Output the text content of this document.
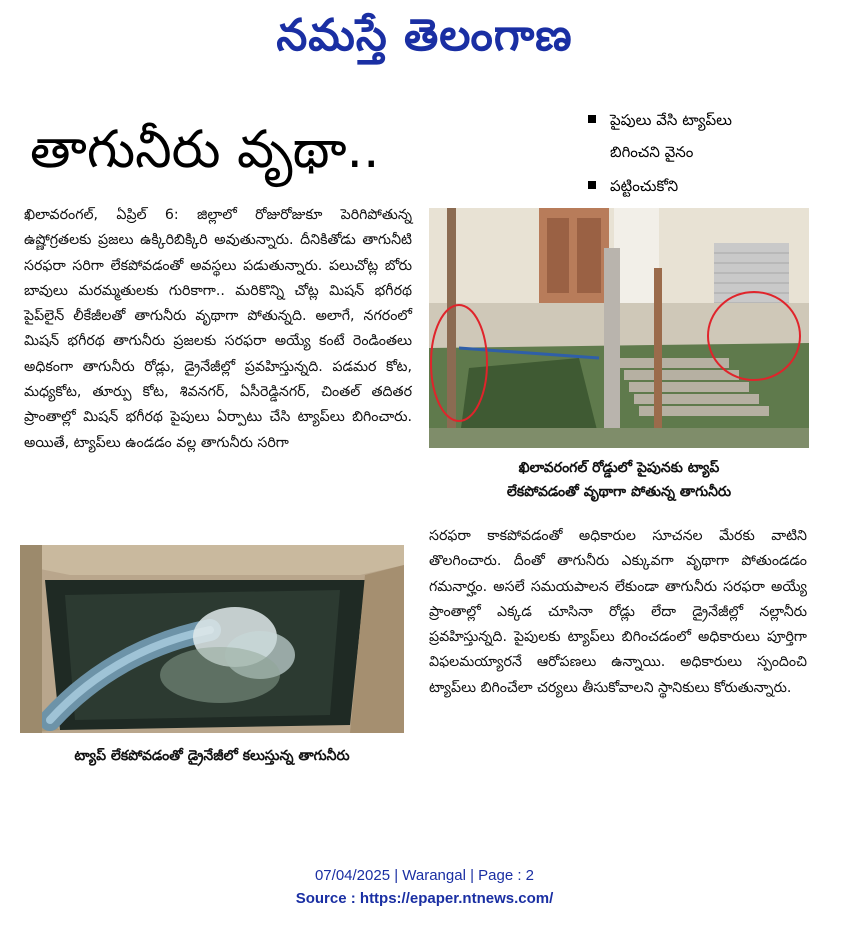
నమస్తే తెలంగాణ
తాగునీరు వృథా..	పైపులు వేసి ట్యాప్‌లు
బిగించని వైనం
పట్టించుకోని

ఖిలావరంగల్‌, ఏప్రిల్‌ 6: జిల్లాలో రోజురోజుకూ పెరిగిపోతున్న ఉష్ణోగ్రతలకు ప్రజలు ఉక్కిరిబిక్కిరి అవుతున్నారు. దీనికితోడు తాగునీటి సరఫరా సరిగా లేకపోవడంతో అవస్థలు పడుతున్నారు. పలుచోట్ల బోరు బావులు మరమ్మతులకు గురికాగా.. మరికొన్ని చోట్ల మిషన్‌ భగీరథ పైప్‌లైన్‌ లీకేజీలతో తాగునీరు వృథాగా పోతున్నది. అలాగే, నగరంలో మిషన్‌ భగీరథ తాగునీరు ప్రజలకు సరఫరా అయ్యే కంటే రెండింతలు అధికంగా తాగునీరు రోడ్లు, డ్రైనేజీల్లో ప్రవహిస్తున్నది. పడమర కోట, మధ్యకోట, తూర్పు కోట, శివనగర్‌, ఏసీరెడ్డినగర్‌, చింతల్‌ తదితర ప్రాంతాల్లో మిషన్‌ భగీరథ పైపులు ఏర్పాటు చేసి ట్యాప్‌లు బిగించారు. అయితే, ట్యాప్‌లు ఉండడం వల్ల తాగునీరు సరిగా

ఖిలావరంగల్‌ రోడ్డులో పైపునకు ట్యాప్‌
లేకపోవడంతో వృథాగా పోతున్న తాగునీరు
ట్యాప్‌ లేకపోవడంతో డ్రైనేజీలో కలుస్తున్న తాగునీరు

సరఫరా కాకపోవడంతో అధికారుల సూచనల మేరకు వాటిని తొలగించారు. దీంతో తాగునీరు ఎక్కువగా వృథాగా పోతుండడం గమనార్హం. అసలే సమయపాలన లేకుండా తాగునీరు సరఫరా అయ్యే ప్రాంతాల్లో ఎక్కడ చూసినా రోడ్లు లేదా డ్రైనేజీల్లో నల్లానీరు ప్రవహిస్తున్నది. పైపులకు ట్యాప్‌లు బిగించడంలో అధికారులు పూర్తిగా విఫలమయ్యారనే ఆరోపణలు ఉన్నాయి. అధికారులు స్పందించి ట్యాప్‌లు బిగించేలా చర్యలు తీసుకోవాలని స్థానికులు కోరుతున్నారు.

07/04/2025 | Warangal | Page : 2
Source : https://epaper.ntnews.com/
